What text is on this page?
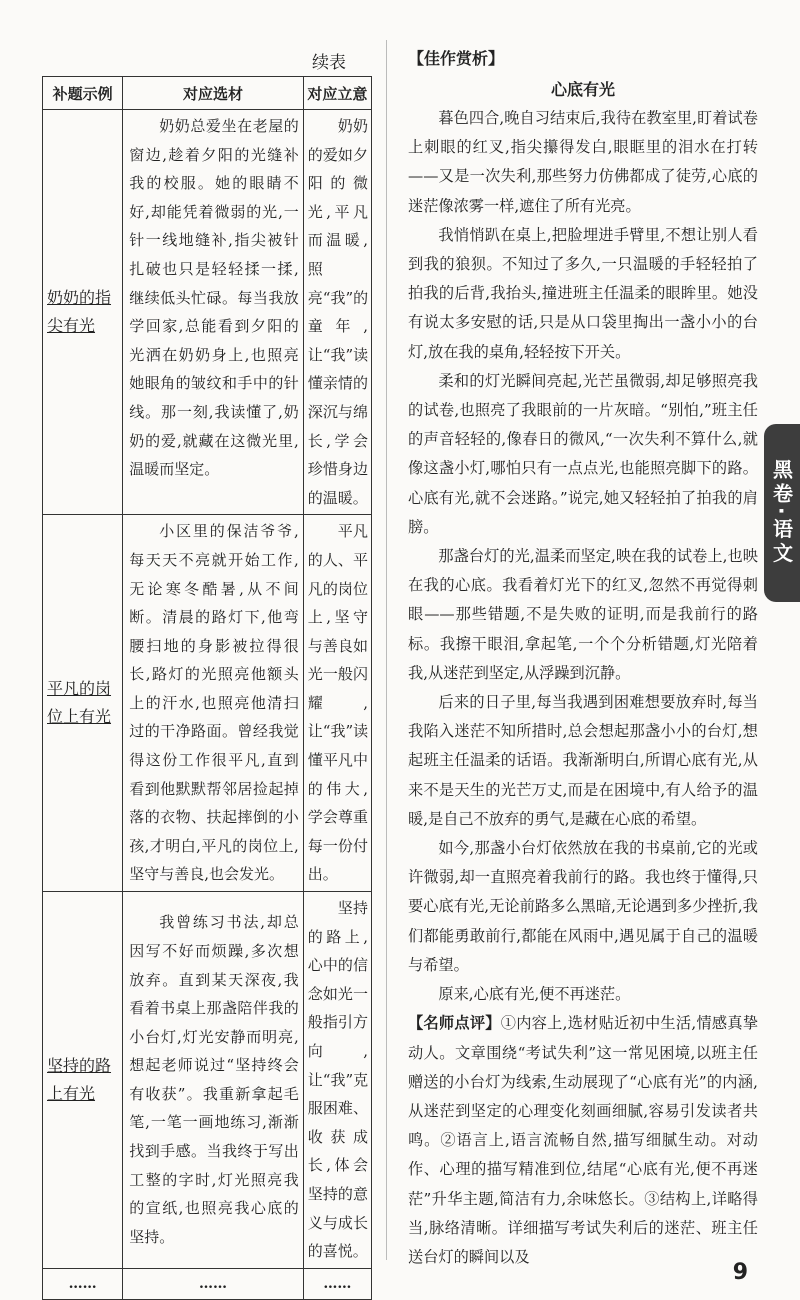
续表
补题示例	对应选材	对应立意

奶奶的指尖有光	奶奶总爱坐在老屋的窗边,趁着夕阳的光缝补我的校服。她的眼睛不好,却能凭着微弱的光,一针一线地缝补,指尖被针扎破也只是轻轻揉一揉,继续低头忙碌。每当我放学回家,总能看到夕阳的光洒在奶奶身上,也照亮她眼角的皱纹和手中的针线。那一刻,我读懂了,奶奶的爱,就藏在这微光里,温暖而坚定。	奶奶的爱如夕阳的微光,平凡而温暖,照亮“我”的童年,让“我”读懂亲情的深沉与绵长,学会珍惜身边的温暖。

平凡的岗位上有光	小区里的保洁爷爷,每天天不亮就开始工作,无论寒冬酷暑,从不间断。清晨的路灯下,他弯腰扫地的身影被拉得很长,路灯的光照亮他额头上的汗水,也照亮他清扫过的干净路面。曾经我觉得这份工作很平凡,直到看到他默默帮邻居捡起掉落的衣物、扶起摔倒的小孩,才明白,平凡的岗位上,坚守与善良,也会发光。	平凡的人、平凡的岗位上,坚守与善良如光一般闪耀,让“我”读懂平凡中的伟大,学会尊重每一份付出。

坚持的路上有光	我曾练习书法,却总因写不好而烦躁,多次想放弃。直到某天深夜,我看着书桌上那盏陪伴我的小台灯,灯光安静而明亮,想起老师说过“坚持终会有收获”。我重新拿起毛笔,一笔一画地练习,渐渐找到手感。当我终于写出工整的字时,灯光照亮我的宣纸,也照亮我心底的坚持。	坚持的路上,心中的信念如光一般指引方向,让“我”克服困难、收获成长,体会坚持的意义与成长的喜悦。

……	……	……
【佳作赏析】
心底有光

暮色四合,晚自习结束后,我待在教室里,盯着试卷上刺眼的红叉,指尖攥得发白,眼眶里的泪水在打转——又是一次失利,那些努力仿佛都成了徒劳,心底的迷茫像浓雾一样,遮住了所有光亮。

我悄悄趴在桌上,把脸埋进手臂里,不想让别人看到我的狼狈。不知过了多久,一只温暖的手轻轻拍了拍我的后背,我抬头,撞进班主任温柔的眼眸里。她没有说太多安慰的话,只是从口袋里掏出一盏小小的台灯,放在我的桌角,轻轻按下开关。

柔和的灯光瞬间亮起,光芒虽微弱,却足够照亮我的试卷,也照亮了我眼前的一片灰暗。“别怕,”班主任的声音轻轻的,像春日的微风,“一次失利不算什么,就像这盏小灯,哪怕只有一点点光,也能照亮脚下的路。心底有光,就不会迷路。”说完,她又轻轻拍了拍我的肩膀。

那盏台灯的光,温柔而坚定,映在我的试卷上,也映在我的心底。我看着灯光下的红叉,忽然不再觉得刺眼——那些错题,不是失败的证明,而是我前行的路标。我擦干眼泪,拿起笔,一个个分析错题,灯光陪着我,从迷茫到坚定,从浮躁到沉静。

后来的日子里,每当我遇到困难想要放弃时,每当我陷入迷茫不知所措时,总会想起那盏小小的台灯,想起班主任温柔的话语。我渐渐明白,所谓心底有光,从来不是天生的光芒万丈,而是在困境中,有人给予的温暖,是自己不放弃的勇气,是藏在心底的希望。

如今,那盏小台灯依然放在我的书桌前,它的光或许微弱,却一直照亮着我前行的路。我也终于懂得,只要心底有光,无论前路多么黑暗,无论遇到多少挫折,我们都能勇敢前行,都能在风雨中,遇见属于自己的温暖与希望。

原来,心底有光,便不再迷茫。

【名师点评】①内容上,选材贴近初中生活,情感真挚动人。文章围绕“考试失利”这一常见困境,以班主任赠送的小台灯为线索,生动展现了“心底有光”的内涵,从迷茫到坚定的心理变化刻画细腻,容易引发读者共鸣。②语言上,语言流畅自然,描写细腻生动。对动作、心理的描写精准到位,结尾“心底有光,便不再迷茫”升华主题,简洁有力,余味悠长。③结构上,详略得当,脉络清晰。详细描写考试失利后的迷茫、班主任送台灯的瞬间以及

黑卷·语文
9
